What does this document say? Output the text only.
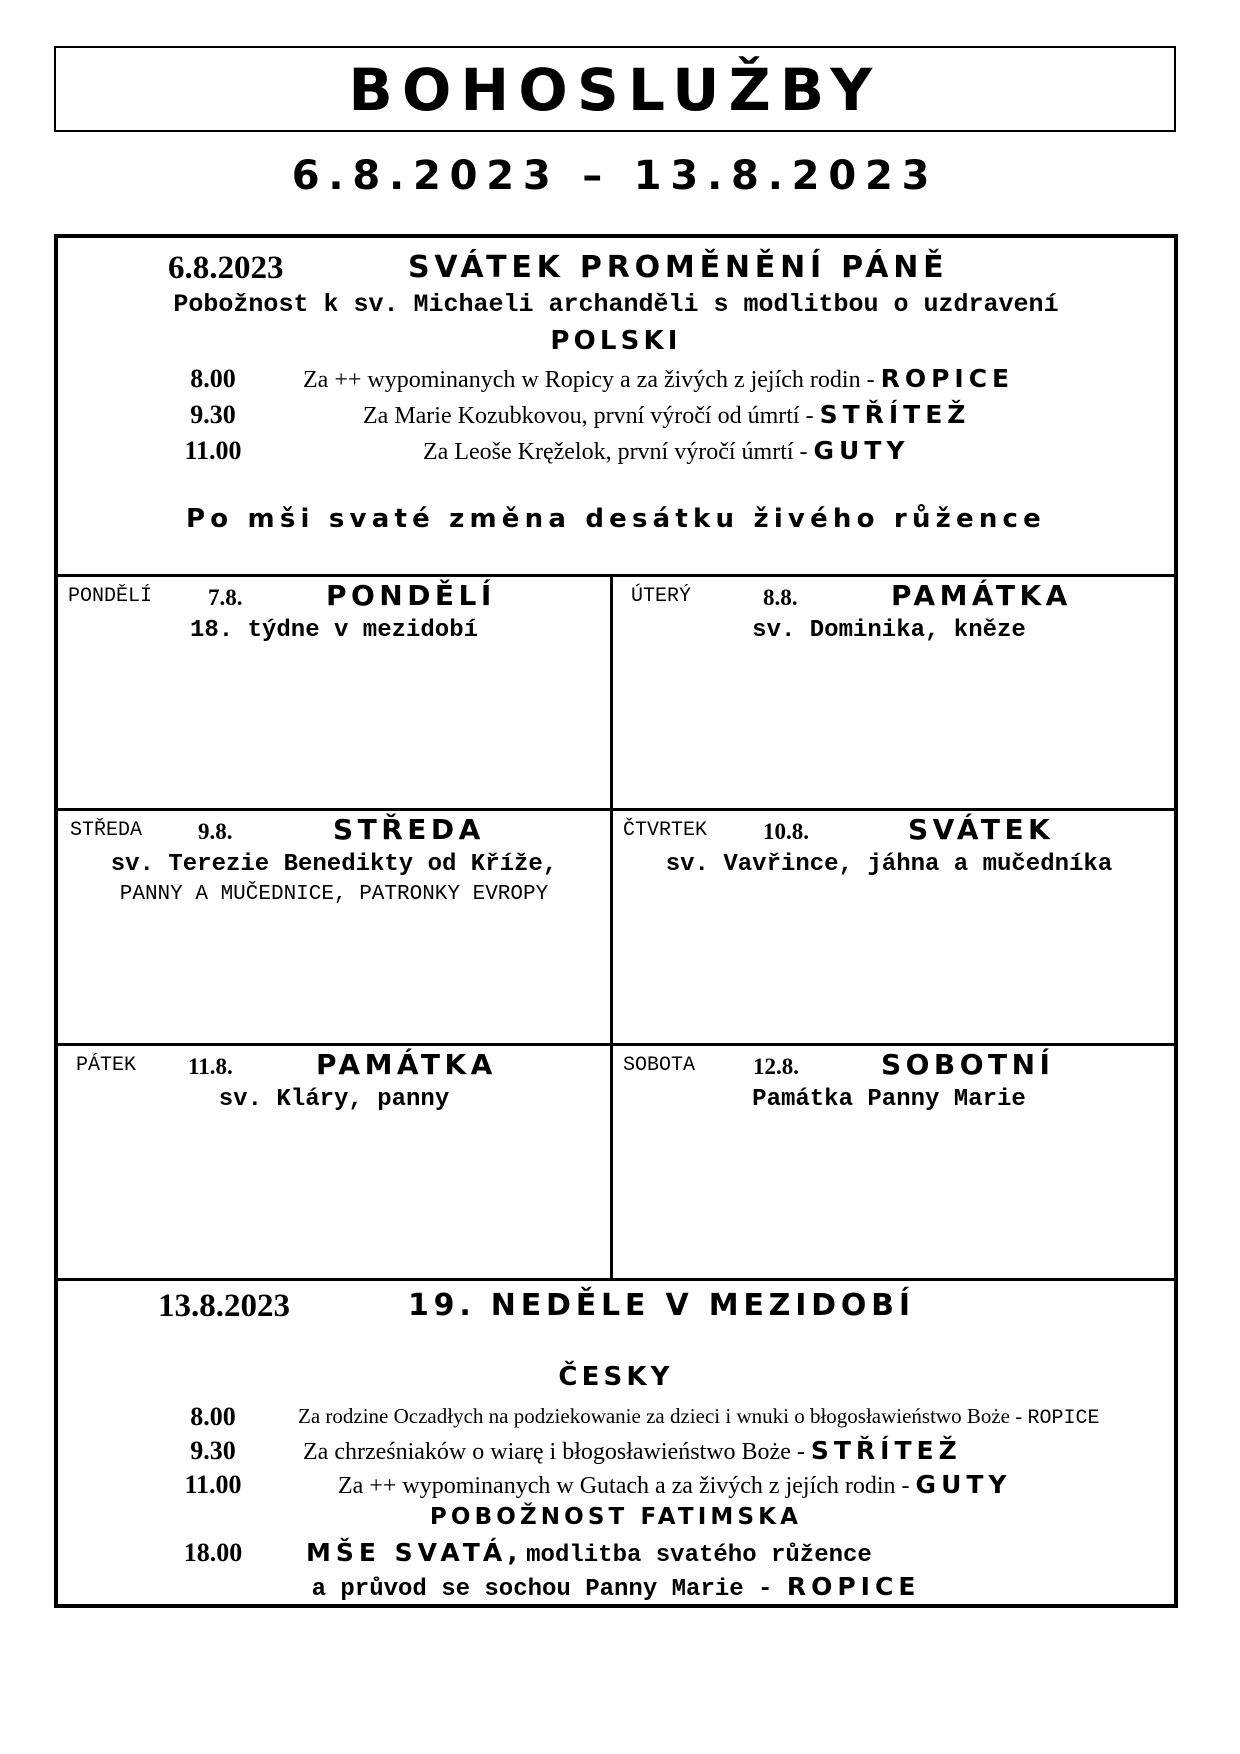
BOHOSLUŽBY
6.8.2023 – 13.8.2023
6.8.2023	SVÁTEK PROMĚNĚNÍ PÁNĚ
Pobožnost k sv. Michaeli archanděli s modlitbou o uzdravení
POLSKI
8.00	Za ++ wypominanych w Ropicy a za živých z jejích rodin - ROPICE
9.30	Za Marie Kozubkovou, první výročí od úmrtí - STŘÍTEŽ
11.00	Za Leoše Kręželok, první výročí úmrtí - GUTY
Po mši svaté změna desátku živého růžence
PONDĚLÍ 7.8.	PONDĚLÍ
18. týdne v mezidobí
ÚTERÝ	8.8.	PAMÁTKA
sv. Dominika, kněze
STŘEDA 9.8.	STŘEDA
sv. Terezie Benedikty od Kříže,
PANNY A MUČEDNICE, PATRONKY EVROPY
ČTVRTEK 10.8.	SVÁTEK
sv. Vavřince, jáhna a mučedníka
PÁTEK 11.8.	PAMÁTKA
sv. Kláry, panny
SOBOTA	12.8.	SOBOTNÍ
Památka Panny Marie
13.8.2023	19. NEDĚLE V MEZIDOBÍ
ČESKY
8.00	Za rodzine Oczadłych na podziekowanie za dzieci i wnuki o błogosławieństwo Boże - ROPICE
9.30	Za chrześniaków o wiarę i błogosławieństwo Boże - STŘÍTEŽ
11.00	Za ++ wypominanych w Gutach a za živých z jejích rodin - GUTY
POBOŽNOST FATIMSKA
18.00	MŠE SVATÁ, modlitba svatého růžence
a průvod se sochou Panny Marie - ROPICE
